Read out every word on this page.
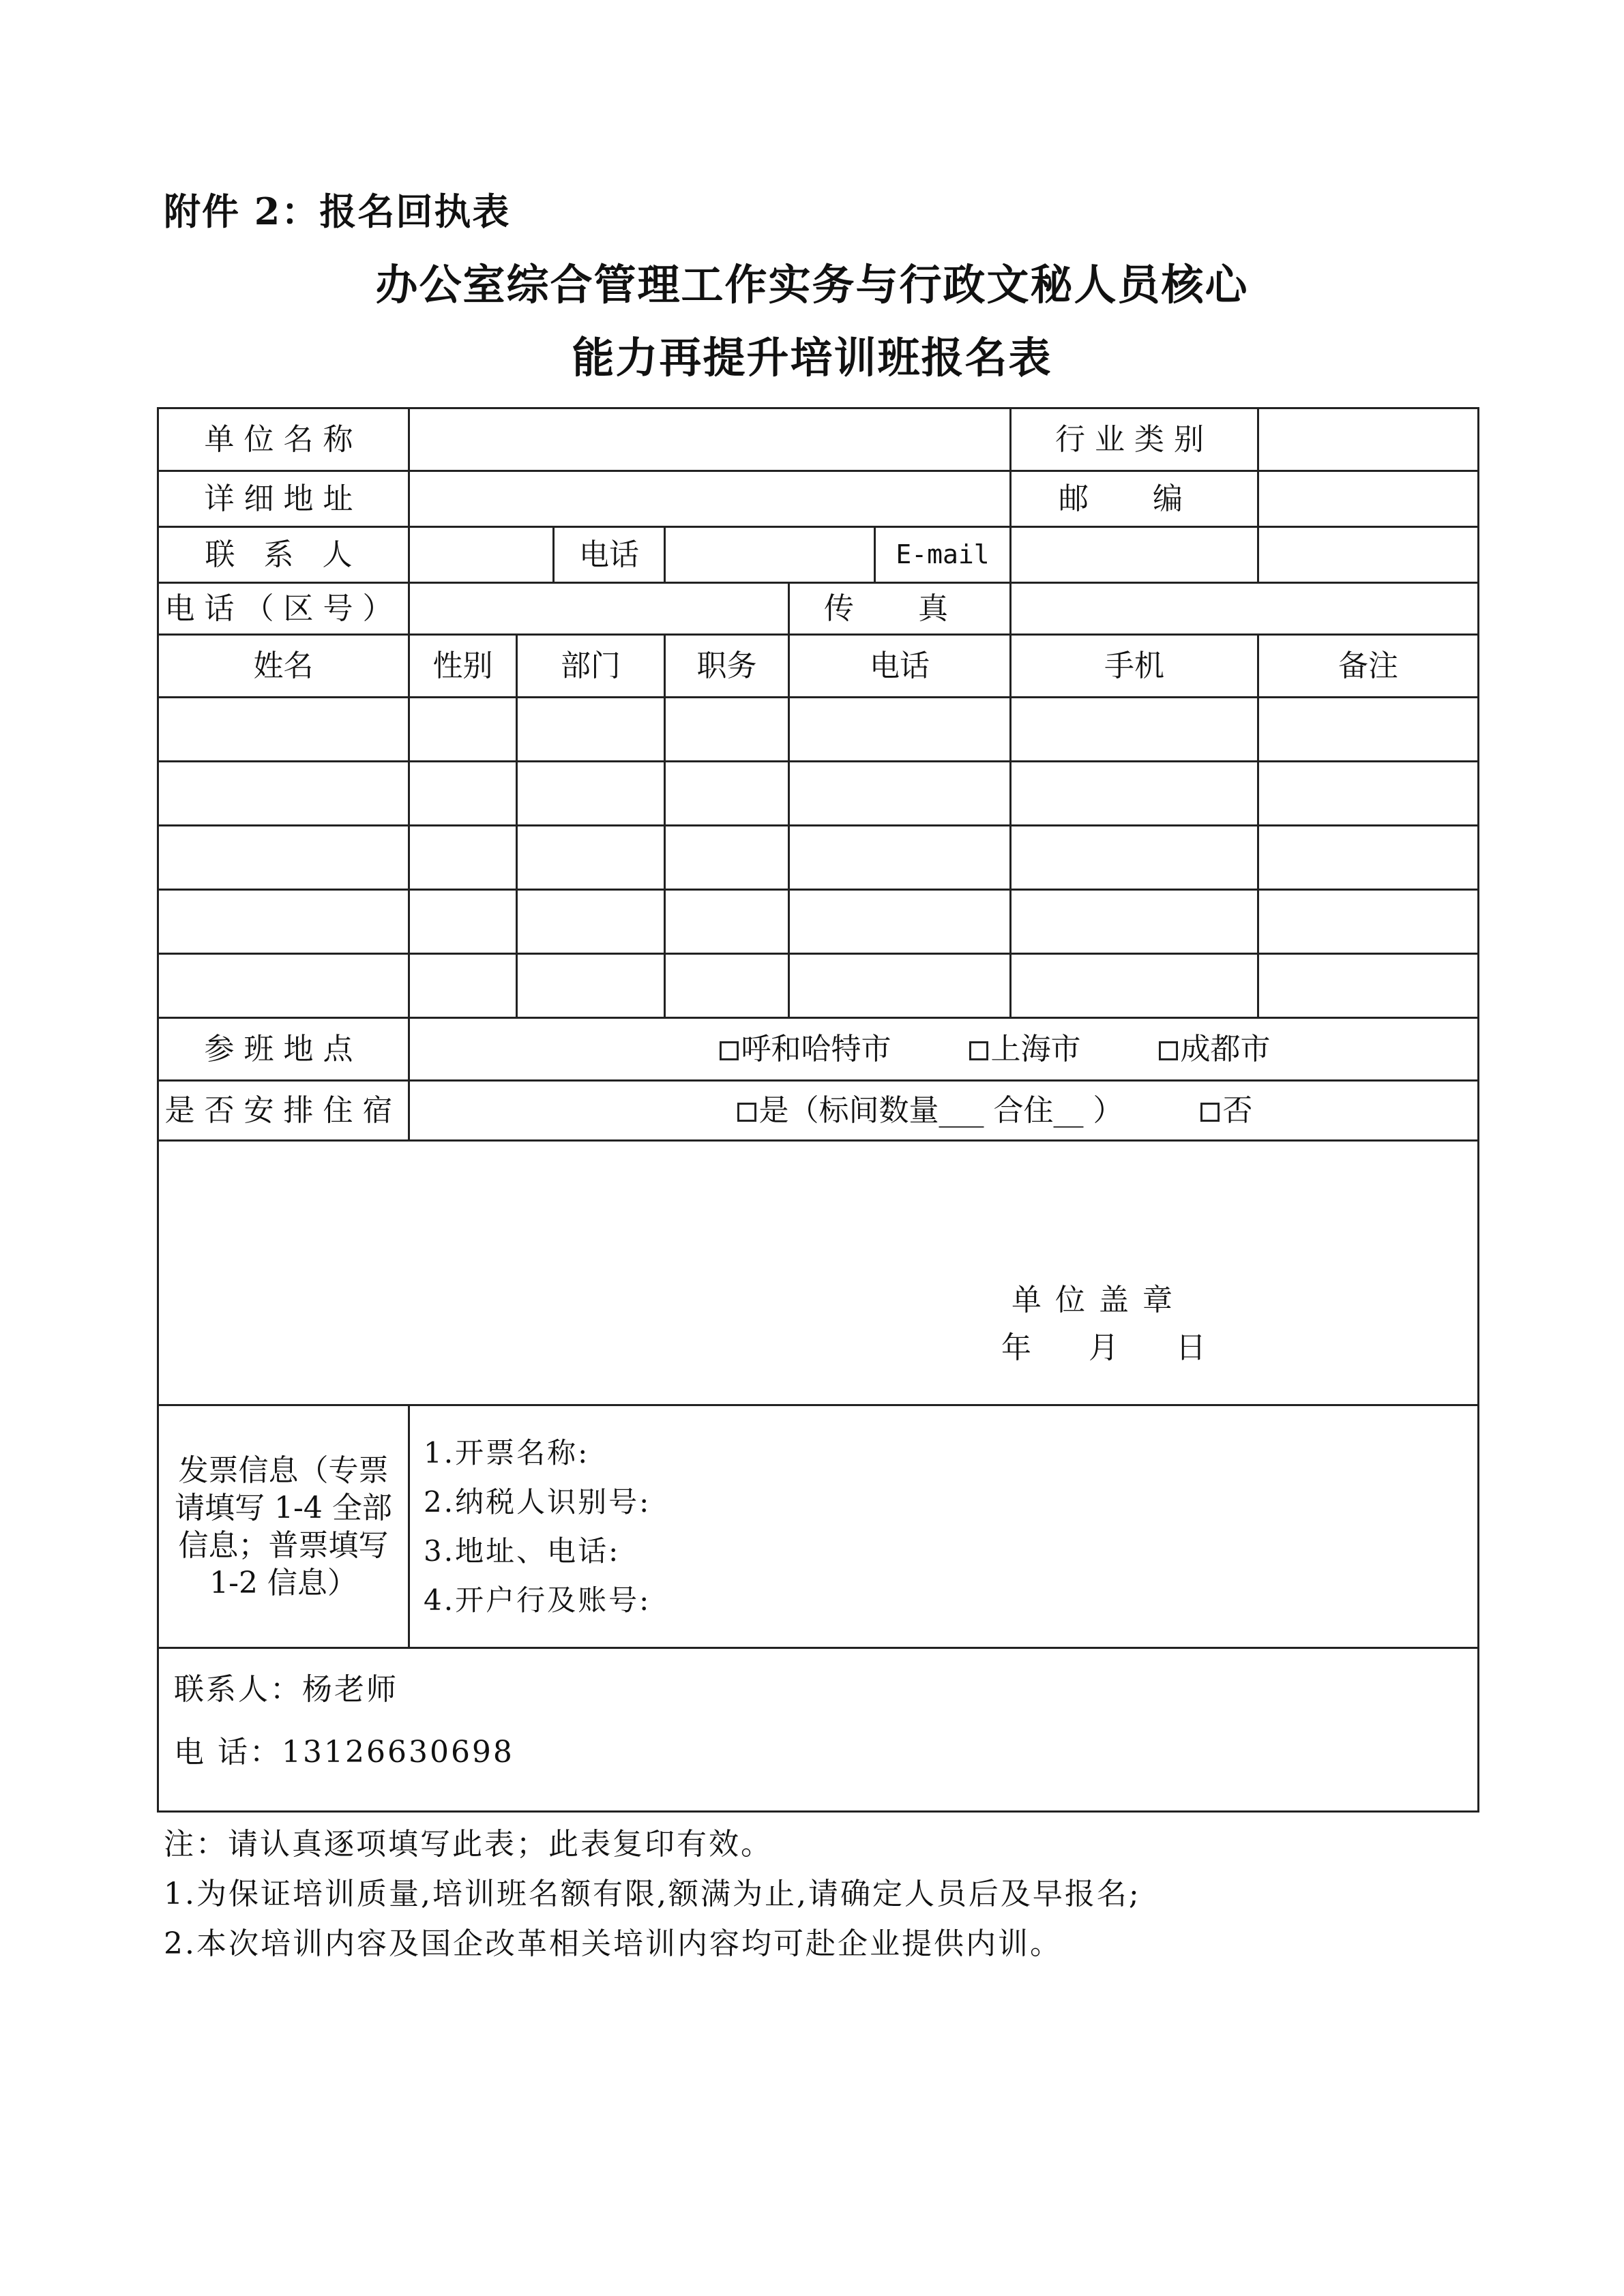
附件 2：报名回执表
办公室综合管理工作实务与行政文秘人员核心
能力再提升培训班报名表
单位名称					行业类别	
详细地址					邮 编	
联 系 人	电话		E-mail			

电话（区号）				传 真		
姓名	性别	部门	职务	电话	手机	备注

参班地点	呼和哈特市 上海市 成都市					
是否安排住宿	是（标间数量___ 合住__ ） 否					

单位盖章
年 月 日						

发票信息（专票请填写 1-4 全部信息；普票填写 1-2 信息）	1.开票名称:
2.纳税人识别号:
3.地址、电话:
4.开户行及账号:					

联系人：杨老师
电 话：13126630698						
注：请认真逐项填写此表；此表复印有效。
1.为保证培训质量,培训班名额有限,额满为止,请确定人员后及早报名;
2.本次培训内容及国企改革相关培训内容均可赴企业提供内训。
